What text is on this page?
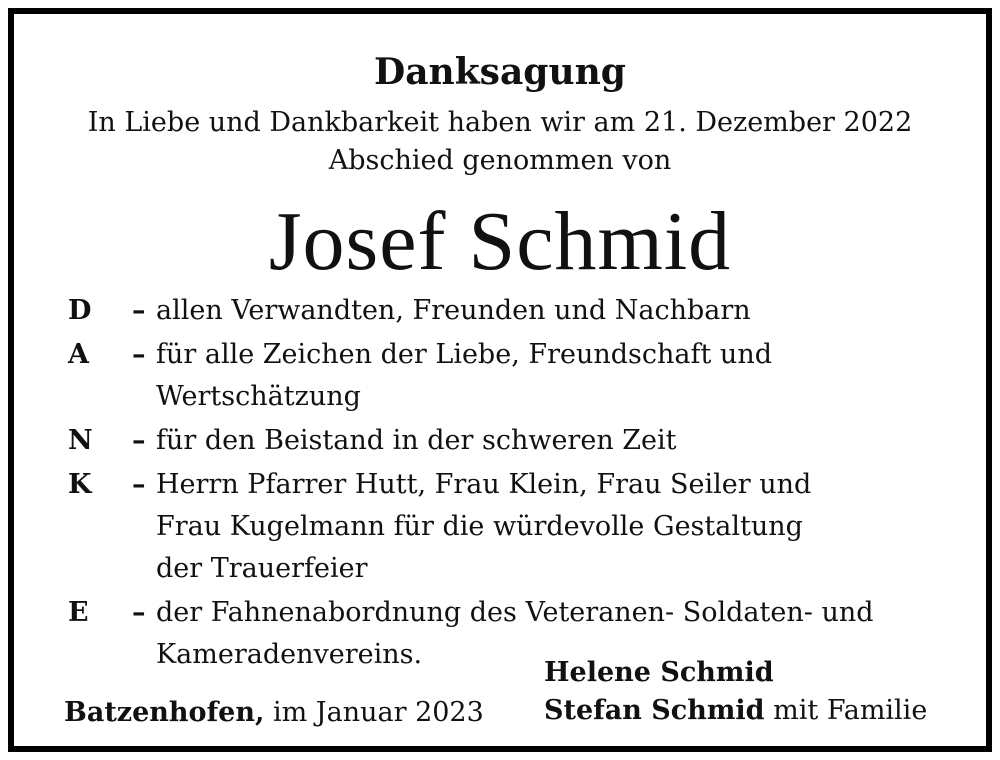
Danksagung
In Liebe und Dankbarkeit haben wir am 21. Dezember 2022
Abschied genommen von
Josef Schmid
D	– allen Verwandten, Freunden und Nachbarn
A	– für alle Zeichen der Liebe, Freundschaft und
Wertschätzung
N	– für den Beistand in der schweren Zeit
K	– Herrn Pfarrer Hutt, Frau Klein, Frau Seiler und
Frau Kugelmann für die würdevolle Gestaltung
der Trauerfeier
E	– der Fahnenabordnung des Veteranen- Soldaten- und
Kameradenvereins.
Batzenhofen, im Januar 2023
Helene Schmid
Stefan Schmid mit Familie
